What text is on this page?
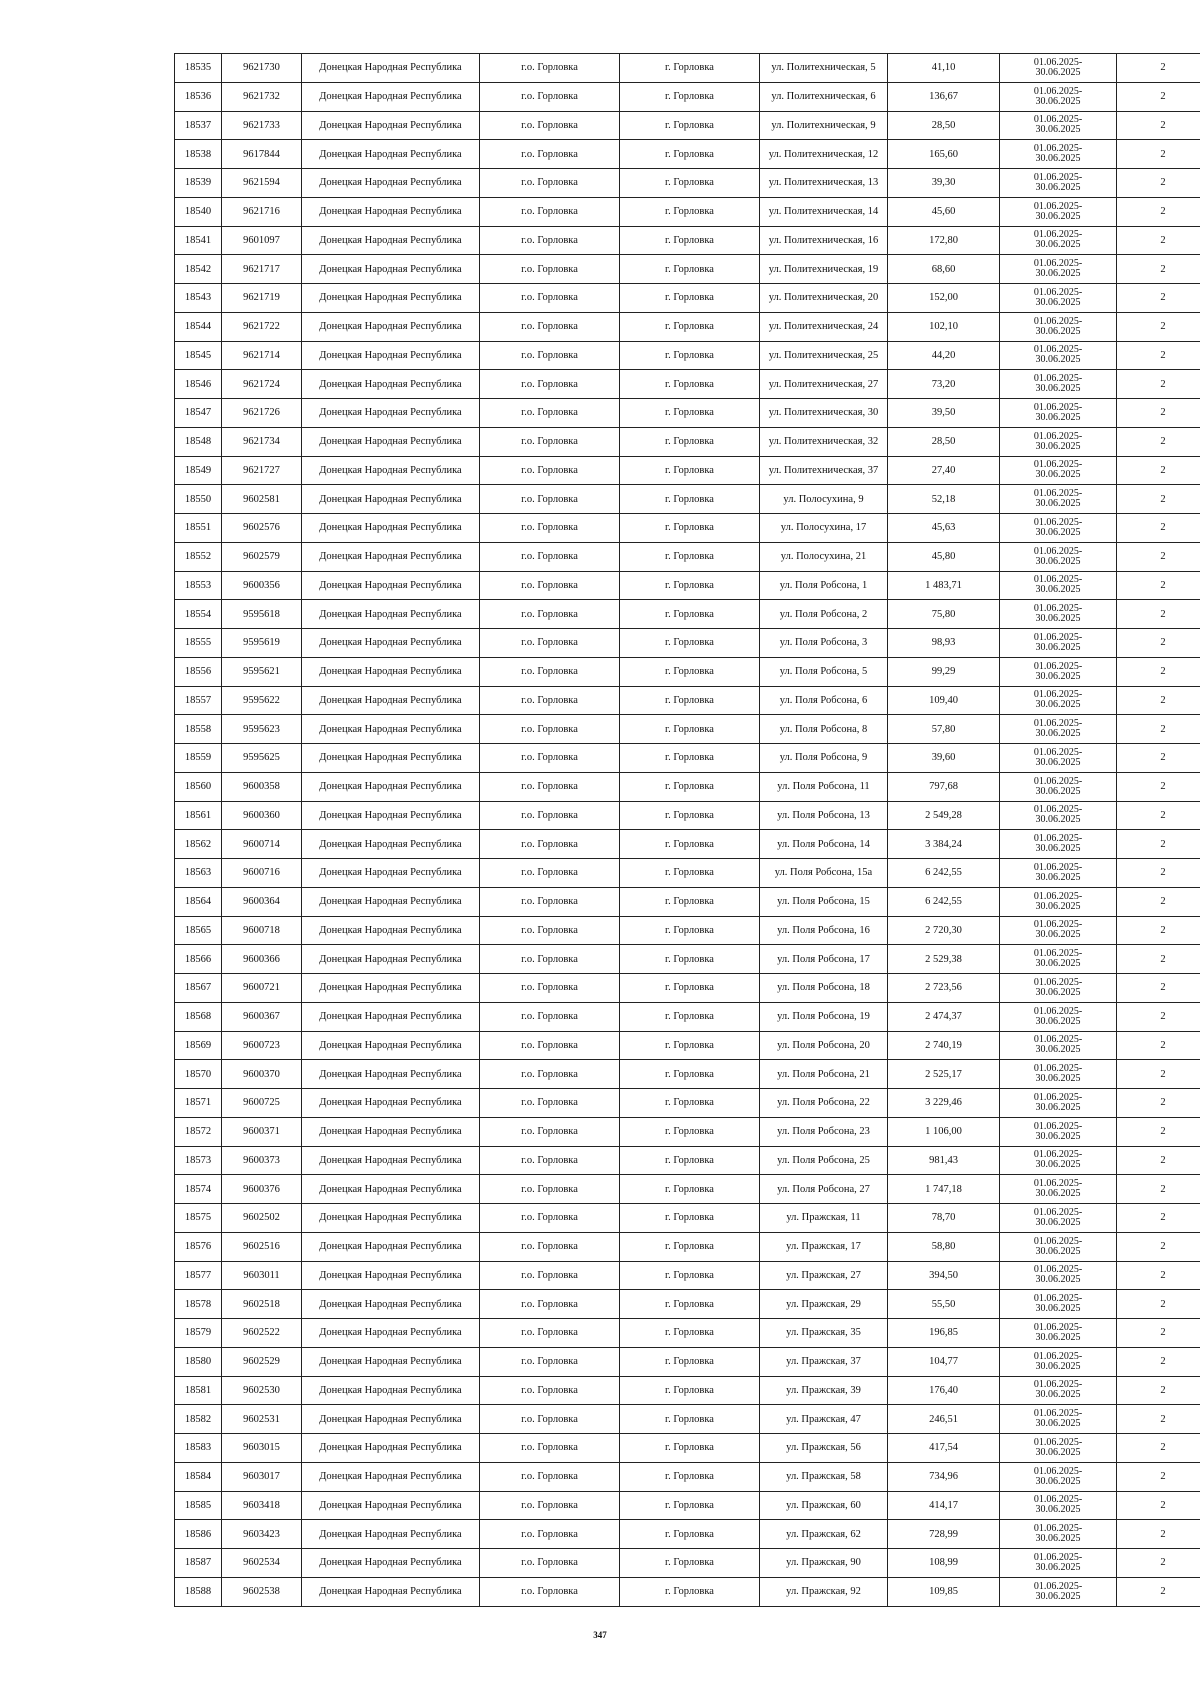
18535	9621730	Донецкая Народная Республика	г.о. Горловка	г. Горловка	ул. Политехническая, 5	41,10	01.06.2025-
30.06.2025	2
18536	9621732	Донецкая Народная Республика	г.о. Горловка	г. Горловка	ул. Политехническая, 6	136,67	01.06.2025-
30.06.2025	2
18537	9621733	Донецкая Народная Республика	г.о. Горловка	г. Горловка	ул. Политехническая, 9	28,50	01.06.2025-
30.06.2025	2
18538	9617844	Донецкая Народная Республика	г.о. Горловка	г. Горловка	ул. Политехническая, 12	165,60	01.06.2025-
30.06.2025	2
18539	9621594	Донецкая Народная Республика	г.о. Горловка	г. Горловка	ул. Политехническая, 13	39,30	01.06.2025-
30.06.2025	2
18540	9621716	Донецкая Народная Республика	г.о. Горловка	г. Горловка	ул. Политехническая, 14	45,60	01.06.2025-
30.06.2025	2
18541	9601097	Донецкая Народная Республика	г.о. Горловка	г. Горловка	ул. Политехническая, 16	172,80	01.06.2025-
30.06.2025	2
18542	9621717	Донецкая Народная Республика	г.о. Горловка	г. Горловка	ул. Политехническая, 19	68,60	01.06.2025-
30.06.2025	2
18543	9621719	Донецкая Народная Республика	г.о. Горловка	г. Горловка	ул. Политехническая, 20	152,00	01.06.2025-
30.06.2025	2
18544	9621722	Донецкая Народная Республика	г.о. Горловка	г. Горловка	ул. Политехническая, 24	102,10	01.06.2025-
30.06.2025	2
18545	9621714	Донецкая Народная Республика	г.о. Горловка	г. Горловка	ул. Политехническая, 25	44,20	01.06.2025-
30.06.2025	2
18546	9621724	Донецкая Народная Республика	г.о. Горловка	г. Горловка	ул. Политехническая, 27	73,20	01.06.2025-
30.06.2025	2
18547	9621726	Донецкая Народная Республика	г.о. Горловка	г. Горловка	ул. Политехническая, 30	39,50	01.06.2025-
30.06.2025	2
18548	9621734	Донецкая Народная Республика	г.о. Горловка	г. Горловка	ул. Политехническая, 32	28,50	01.06.2025-
30.06.2025	2
18549	9621727	Донецкая Народная Республика	г.о. Горловка	г. Горловка	ул. Политехническая, 37	27,40	01.06.2025-
30.06.2025	2
18550	9602581	Донецкая Народная Республика	г.о. Горловка	г. Горловка	ул. Полосухина, 9	52,18	01.06.2025-
30.06.2025	2
18551	9602576	Донецкая Народная Республика	г.о. Горловка	г. Горловка	ул. Полосухина, 17	45,63	01.06.2025-
30.06.2025	2
18552	9602579	Донецкая Народная Республика	г.о. Горловка	г. Горловка	ул. Полосухина, 21	45,80	01.06.2025-
30.06.2025	2
18553	9600356	Донецкая Народная Республика	г.о. Горловка	г. Горловка	ул. Поля Робсона, 1	1 483,71	01.06.2025-
30.06.2025	2
18554	9595618	Донецкая Народная Республика	г.о. Горловка	г. Горловка	ул. Поля Робсона, 2	75,80	01.06.2025-
30.06.2025	2
18555	9595619	Донецкая Народная Республика	г.о. Горловка	г. Горловка	ул. Поля Робсона, 3	98,93	01.06.2025-
30.06.2025	2
18556	9595621	Донецкая Народная Республика	г.о. Горловка	г. Горловка	ул. Поля Робсона, 5	99,29	01.06.2025-
30.06.2025	2
18557	9595622	Донецкая Народная Республика	г.о. Горловка	г. Горловка	ул. Поля Робсона, 6	109,40	01.06.2025-
30.06.2025	2
18558	9595623	Донецкая Народная Республика	г.о. Горловка	г. Горловка	ул. Поля Робсона, 8	57,80	01.06.2025-
30.06.2025	2
18559	9595625	Донецкая Народная Республика	г.о. Горловка	г. Горловка	ул. Поля Робсона, 9	39,60	01.06.2025-
30.06.2025	2
18560	9600358	Донецкая Народная Республика	г.о. Горловка	г. Горловка	ул. Поля Робсона, 11	797,68	01.06.2025-
30.06.2025	2
18561	9600360	Донецкая Народная Республика	г.о. Горловка	г. Горловка	ул. Поля Робсона, 13	2 549,28	01.06.2025-
30.06.2025	2
18562	9600714	Донецкая Народная Республика	г.о. Горловка	г. Горловка	ул. Поля Робсона, 14	3 384,24	01.06.2025-
30.06.2025	2
18563	9600716	Донецкая Народная Республика	г.о. Горловка	г. Горловка	ул. Поля Робсона, 15а	6 242,55	01.06.2025-
30.06.2025	2
18564	9600364	Донецкая Народная Республика	г.о. Горловка	г. Горловка	ул. Поля Робсона, 15	6 242,55	01.06.2025-
30.06.2025	2
18565	9600718	Донецкая Народная Республика	г.о. Горловка	г. Горловка	ул. Поля Робсона, 16	2 720,30	01.06.2025-
30.06.2025	2
18566	9600366	Донецкая Народная Республика	г.о. Горловка	г. Горловка	ул. Поля Робсона, 17	2 529,38	01.06.2025-
30.06.2025	2
18567	9600721	Донецкая Народная Республика	г.о. Горловка	г. Горловка	ул. Поля Робсона, 18	2 723,56	01.06.2025-
30.06.2025	2
18568	9600367	Донецкая Народная Республика	г.о. Горловка	г. Горловка	ул. Поля Робсона, 19	2 474,37	01.06.2025-
30.06.2025	2
18569	9600723	Донецкая Народная Республика	г.о. Горловка	г. Горловка	ул. Поля Робсона, 20	2 740,19	01.06.2025-
30.06.2025	2
18570	9600370	Донецкая Народная Республика	г.о. Горловка	г. Горловка	ул. Поля Робсона, 21	2 525,17	01.06.2025-
30.06.2025	2
18571	9600725	Донецкая Народная Республика	г.о. Горловка	г. Горловка	ул. Поля Робсона, 22	3 229,46	01.06.2025-
30.06.2025	2
18572	9600371	Донецкая Народная Республика	г.о. Горловка	г. Горловка	ул. Поля Робсона, 23	1 106,00	01.06.2025-
30.06.2025	2
18573	9600373	Донецкая Народная Республика	г.о. Горловка	г. Горловка	ул. Поля Робсона, 25	981,43	01.06.2025-
30.06.2025	2
18574	9600376	Донецкая Народная Республика	г.о. Горловка	г. Горловка	ул. Поля Робсона, 27	1 747,18	01.06.2025-
30.06.2025	2
18575	9602502	Донецкая Народная Республика	г.о. Горловка	г. Горловка	ул. Пражская, 11	78,70	01.06.2025-
30.06.2025	2
18576	9602516	Донецкая Народная Республика	г.о. Горловка	г. Горловка	ул. Пражская, 17	58,80	01.06.2025-
30.06.2025	2
18577	9603011	Донецкая Народная Республика	г.о. Горловка	г. Горловка	ул. Пражская, 27	394,50	01.06.2025-
30.06.2025	2
18578	9602518	Донецкая Народная Республика	г.о. Горловка	г. Горловка	ул. Пражская, 29	55,50	01.06.2025-
30.06.2025	2
18579	9602522	Донецкая Народная Республика	г.о. Горловка	г. Горловка	ул. Пражская, 35	196,85	01.06.2025-
30.06.2025	2
18580	9602529	Донецкая Народная Республика	г.о. Горловка	г. Горловка	ул. Пражская, 37	104,77	01.06.2025-
30.06.2025	2
18581	9602530	Донецкая Народная Республика	г.о. Горловка	г. Горловка	ул. Пражская, 39	176,40	01.06.2025-
30.06.2025	2
18582	9602531	Донецкая Народная Республика	г.о. Горловка	г. Горловка	ул. Пражская, 47	246,51	01.06.2025-
30.06.2025	2
18583	9603015	Донецкая Народная Республика	г.о. Горловка	г. Горловка	ул. Пражская, 56	417,54	01.06.2025-
30.06.2025	2
18584	9603017	Донецкая Народная Республика	г.о. Горловка	г. Горловка	ул. Пражская, 58	734,96	01.06.2025-
30.06.2025	2
18585	9603418	Донецкая Народная Республика	г.о. Горловка	г. Горловка	ул. Пражская, 60	414,17	01.06.2025-
30.06.2025	2
18586	9603423	Донецкая Народная Республика	г.о. Горловка	г. Горловка	ул. Пражская, 62	728,99	01.06.2025-
30.06.2025	2
18587	9602534	Донецкая Народная Республика	г.о. Горловка	г. Горловка	ул. Пражская, 90	108,99	01.06.2025-
30.06.2025	2
18588	9602538	Донецкая Народная Республика	г.о. Горловка	г. Горловка	ул. Пражская, 92	109,85	01.06.2025-
30.06.2025	2
347
